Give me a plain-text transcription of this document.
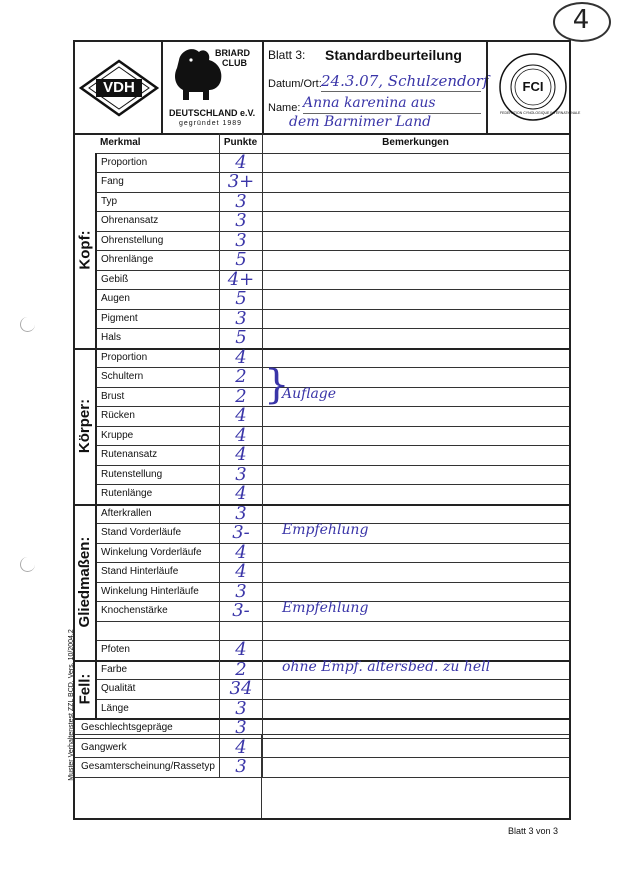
4
VDH
BRIARD
CLUB
DEUTSCHLAND e.V.
gegründet 1989
Blatt 3: Standardbeurteilung
Datum/Ort: 24.3.07, Schulzendorf
Name: Anna karenina aus
dem Barnimer Land
FCI
FEDERATION CYNOLOGIQUE INTERNATIONALE
Merkmal	Punkte	Bemerkungen
Proportion	4
Fang	3+
Typ	3
Ohrenansatz	3
Ohrenstellung	3
Ohrenlänge	5
Gebiß	4+
Augen	5
Pigment	3
Hals	5
Kopf:
Proportion	4
Schultern	2
Brust	2	Auflage
Rücken	4
Kruppe	4
Rutenansatz	4
Rutenstellung	3
Rutenlänge	4
Körper:
Afterkrallen	3
Stand Vorderläufe	3-	Empfehlung
Winkelung Vorderläufe	4
Stand Hinterläufe	4
Winkelung Hinterläufe	3
Knochenstärke	3-	Empfehlung
Pfoten	4
Gliedmaßen:
Farbe	2	ohne Empf. altersbed. zu hell
Qualität	34
Länge	3
Fell:
Geschlechtsgepräge	3
Gangwerk	4
Gesamterscheinung/Rassetyp	3
}
Muster Verhaltenstest ZZL BCD, Vers. 10/2004.2
Blatt 3 von 3
